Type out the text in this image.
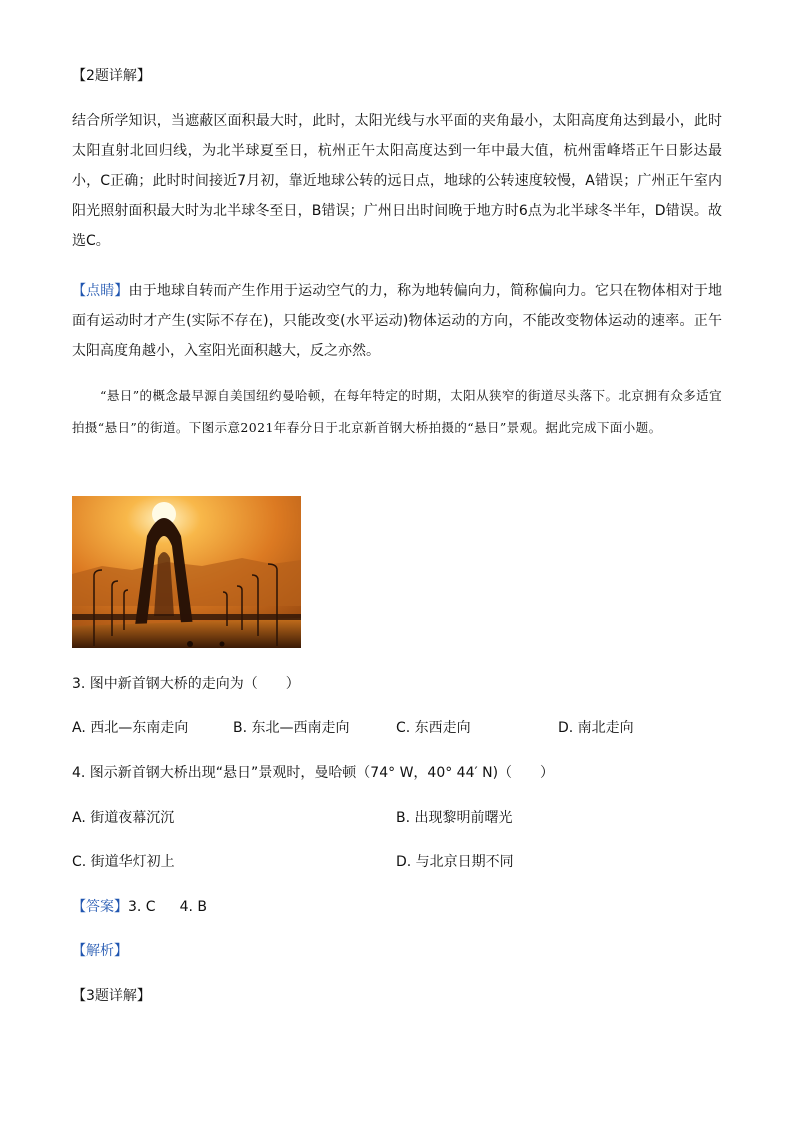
【2题详解】

结合所学知识，当遮蔽区面积最大时，此时，太阳光线与水平面的夹角最小，太阳高度角达到最小，此时太阳直射北回归线，为北半球夏至日，杭州正午太阳高度达到一年中最大值，杭州雷峰塔正午日影达最小，C正确；此时时间接近7月初，靠近地球公转的远日点，地球的公转速度较慢，A错误；广州正午室内阳光照射面积最大时为北半球冬至日，B错误；广州日出时间晚于地方时6点为北半球冬半年，D错误。故选C。

【点睛】由于地球自转而产生作用于运动空气的力，称为地转偏向力，简称偏向力。它只在物体相对于地面有运动时才产生(实际不存在)，只能改变(水平运动)物体运动的方向，不能改变物体运动的速率。正午太阳高度角越小，入室阳光面积越大，反之亦然。

“悬日”的概念最早源自美国纽约曼哈顿，在每年特定的时期，太阳从狭窄的街道尽头落下。北京拥有众多适宜拍摄“悬日”的街道。下图示意2021年春分日于北京新首钢大桥拍摄的“悬日”景观。据此完成下面小题。

3. 图中新首钢大桥的走向为（　　）

A. 西北—东南走向	B. 东北—西南走向	C. 东西走向	D. 南北走向

4. 图示新首钢大桥出现“悬日”景观时，曼哈顿（74° W，40° 44′ N)（　　）

A. 街道夜幕沉沉	B. 出现黎明前曙光

C. 街道华灯初上	D. 与北京日期不同

【答案】3. C 4. B

【解析】

【3题详解】
